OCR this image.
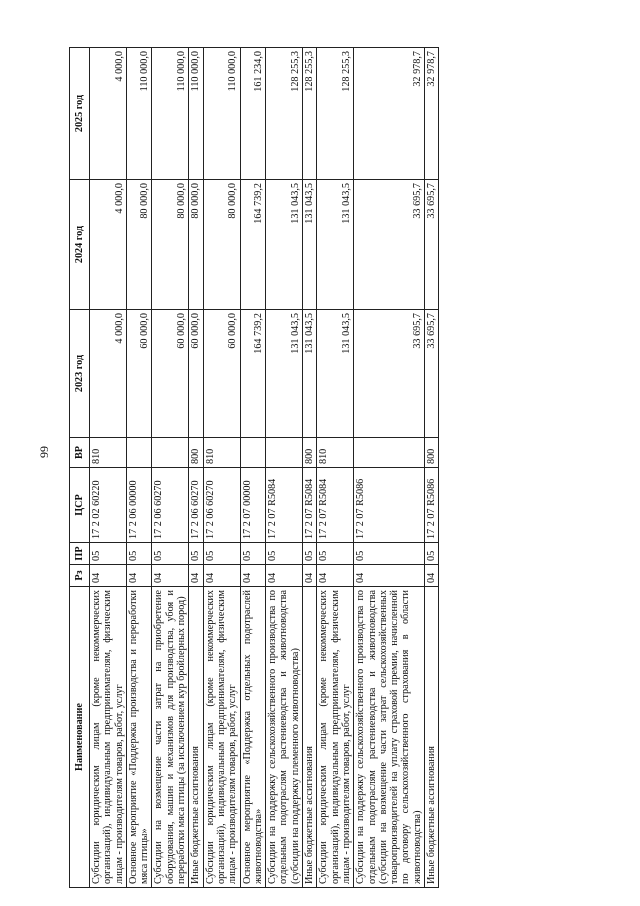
99
Наименование	Рз	ПР	ЦСР	ВР	2023 год	2024 год	2025 год
Субсидии юридическим лицам (кроме некоммерческих организаций), индивидуальным предпринимателям, физическим лицам - производителям товаров, работ, услуг	04	05	17 2 02 60220	810	4 000,0	4 000,0	4 000,0
Основное мероприятие «Поддержка производства и переработки мяса птицы»	04	05	17 2 06 00000		60 000,0	80 000,0	110 000,0
Субсидии на возмещение части затрат на приобретение оборудования, машин и механизмов для производства, убоя и переработки мяса птицы (за исключением кур бройлерных пород)	04	05	17 2 06 60270		60 000,0	80 000,0	110 000,0
Иные бюджетные ассигнования	04	05	17 2 06 60270	800	60 000,0	80 000,0	110 000,0
Субсидии юридическим лицам (кроме некоммерческих организаций), индивидуальным предпринимателям, физическим лицам - производителям товаров, работ, услуг	04	05	17 2 06 60270	810	60 000,0	80 000,0	110 000,0
Основное мероприятие «Поддержка отдельных подотраслей животноводства»	04	05	17 2 07 00000		164 739,2	164 739,2	161 234,0
Субсидии на поддержку сельскохозяйственного производства по отдельным подотраслям растениеводства и животноводства (субсидии на поддержку племенного животноводства)	04	05	17 2 07 R5084		131 043,5	131 043,5	128 255,3
Иные бюджетные ассигнования	04	05	17 2 07 R5084	800	131 043,5	131 043,5	128 255,3
Субсидии юридическим лицам (кроме некоммерческих организаций), индивидуальным предпринимателям, физическим лицам - производителям товаров, работ, услуг	04	05	17 2 07 R5084	810	131 043,5	131 043,5	128 255,3
Субсидии на поддержку сельскохозяйственного производства по отдельным подотраслям растениеводства и животноводства (субсидии на возмещение части затрат сельскохозяйственных товаропроизводителей на уплату страховой премии, начисленной по договору сельскохозяйственного страхования в области животноводства)	04	05	17 2 07 R5086		33 695,7	33 695,7	32 978,7
Иные бюджетные ассигнования	04	05	17 2 07 R5086	800	33 695,7	33 695,7	32 978,7
